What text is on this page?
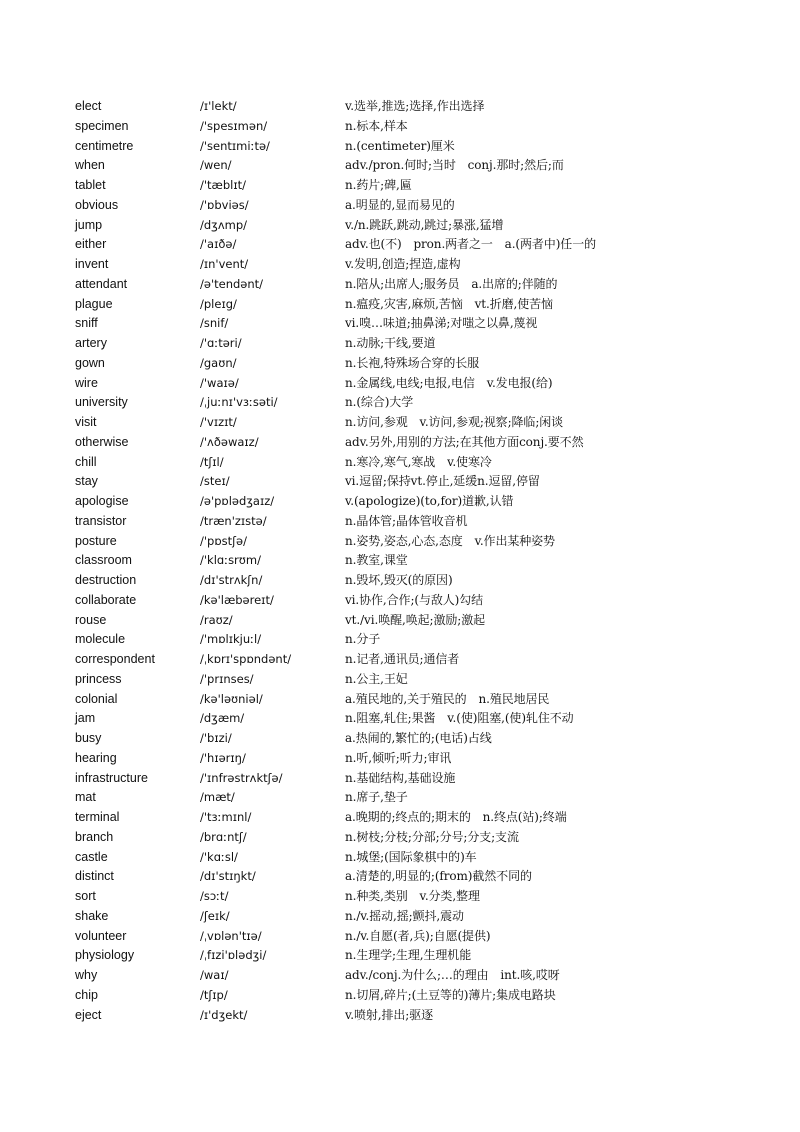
elect	/ɪ'lekt/	v.选举,推选;选择,作出选择
specimen	/'spesɪmən/	n.标本,样本
centimetre	/'sentɪmiːtə/	n.(centimeter)厘米
when	/wen/	adv./pron.何时;当时　conj.那时;然后;而
tablet	/'tæblɪt/	n.药片;碑,匾
obvious	/'ɒbviəs/	a.明显的,显而易见的
jump	/dʒʌmp/	v./n.跳跃,跳动,跳过;暴涨,猛增
either	/'aɪðə/	adv.也(不)　pron.两者之一　a.(两者中)任一的
invent	/ɪn'vent/	v.发明,创造;捏造,虚构
attendant	/ə'tendənt/	n.陪从;出席人;服务员　a.出席的;伴随的
plague	/pleɪg/	n.瘟疫,灾害,麻烦,苦恼　vt.折磨,使苦恼
sniff	/snif/	vi.嗅…味道;抽鼻涕;对嗤之以鼻,蔑视
artery	/'ɑːtəri/	n.动脉;干线,要道
gown	/gaʊn/	n.长袍,特殊场合穿的长服
wire	/'waɪə/	n.金属线,电线;电报,电信　v.发电报(给)
university	/ˌjuːnɪ'vɜːsəti/	n.(综合)大学
visit	/'vɪzɪt/	n.访问,参观　v.访问,参观;视察;降临;闲谈
otherwise	/'ʌðəwaɪz/	adv.另外,用别的方法;在其他方面conj.要不然
chill	/tʃɪl/	n.寒冷,寒气,寒战　v.使寒冷
stay	/steɪ/	vi.逗留;保持vt.停止,延缓n.逗留,停留
apologise	/ə'pɒlədʒaɪz/	v.(apologize)(to,for)道歉,认错
transistor	/træn'zɪstə/	n.晶体管;晶体管收音机
posture	/'pɒstʃə/	n.姿势,姿态,心态,态度　v.作出某种姿势
classroom	/'klɑːsrʊm/	n.教室,课堂
destruction	/dɪ'strʌkʃn/	n.毁坏,毁灭(的原因)
collaborate	/kə'læbəreɪt/	vi.协作,合作;(与敌人)勾结
rouse	/raʊz/	vt./vi.唤醒,唤起;激励;激起
molecule	/'mɒlɪkjuːl/	n.分子
correspondent	/ˌkɒrɪ'spɒndənt/	n.记者,通讯员;通信者
princess	/'prɪnses/	n.公主,王妃
colonial	/kə'ləʊniəl/	a.殖民地的,关于殖民的　n.殖民地居民
jam	/dʒæm/	n.阻塞,轧住;果酱　v.(使)阻塞,(使)轧住不动
busy	/'bɪzi/	a.热闹的,繁忙的;(电话)占线
hearing	/'hɪərɪŋ/	n.听,倾听;听力;审讯
infrastructure	/'ɪnfrəstrʌktʃə/	n.基础结构,基础设施
mat	/mæt/	n.席子,垫子
terminal	/'tɜːmɪnl/	a.晚期的;终点的;期末的　n.终点(站);终端
branch	/brɑːntʃ/	n.树枝;分枝;分部;分号;分支;支流
castle	/'kɑːsl/	n.城堡;(国际象棋中的)车
distinct	/dɪ'stɪŋkt/	a.清楚的,明显的;(from)截然不同的
sort	/sɔːt/	n.种类,类别　v.分类,整理
shake	/ʃeɪk/	n./v.摇动,摇;颤抖,震动
volunteer	/ˌvɒlən'tɪə/	n./v.自愿(者,兵);自愿(提供)
physiology	/ˌfɪzi'ɒlədʒi/	n.生理学;生理,生理机能
why	/waɪ/	adv./conj.为什么;…的理由　int.咳,哎呀
chip	/tʃɪp/	n.切屑,碎片;(土豆等的)薄片;集成电路块
eject	/ɪ'dʒekt/	v.喷射,排出;驱逐
